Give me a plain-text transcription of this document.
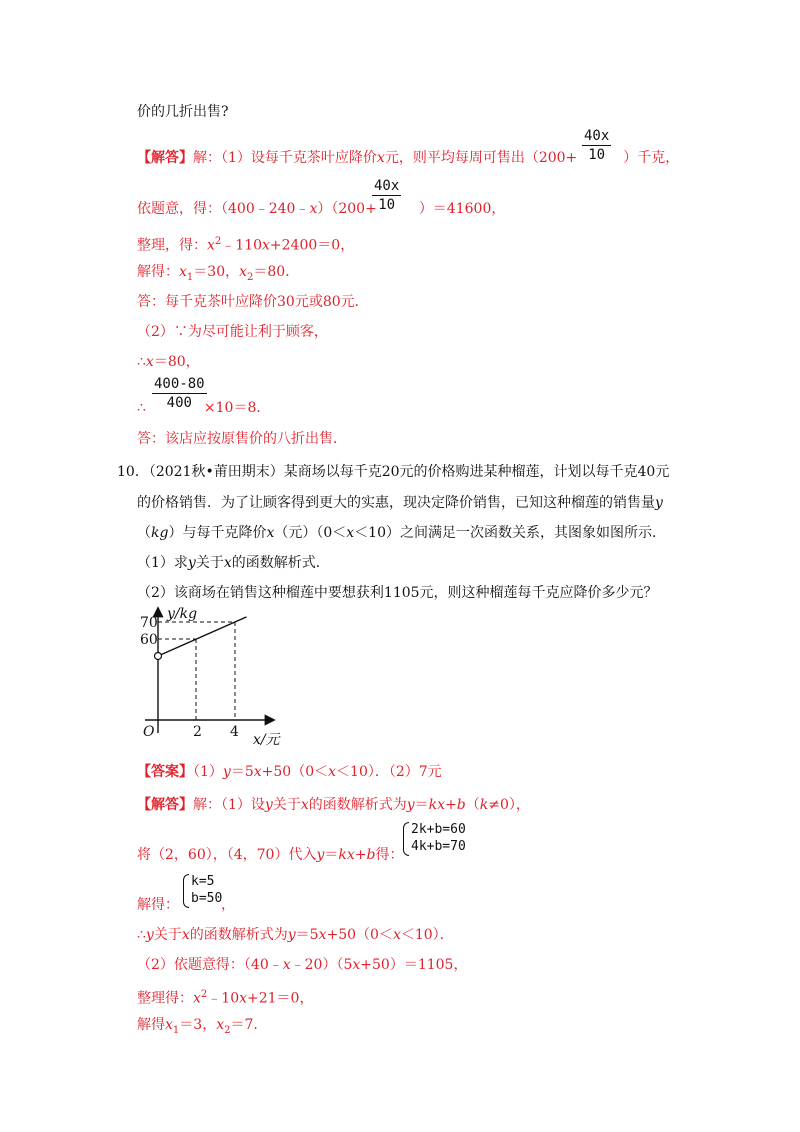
价的几折出售?
【解答】解：（1）设每千克茶叶应降价x元，则平均每周可售出（200+	）千克，
$\frac{40x}{10}$
依题意，得：（400﹣240﹣x）（200+	）＝41600，
$\frac{40x}{10}$
整理，得：$x^2﹣110x+2400=0$，
解得：$x_1=30$，$x_2=80$．
答：每千克茶叶应降价30元或80元．
（2）∵为尽可能让利于顾客，
∴x＝80，
∴	×10＝8．
$\frac{400-80}{400}$
答：该店应按原售价的八折出售．
10．（2021秋•莆田期末）某商场以每千克20元的价格购进某种榴莲，计划以每千克40元
的价格销售．为了让顾客得到更大的实惠，现决定降价销售，已知这种榴莲的销售量y
（kg）与每千克降价x（元）（0＜x＜10）之间满足一次函数关系，其图象如图所示．
（1）求y关于x的函数解析式．
（2）该商场在销售这种榴莲中要想获利1105元，则这种榴莲每千克应降价多少元？
y/kg
x/元
O
70
60
2 4
【答案】（1）y＝5x+50（0＜x＜10）．（2）7元
【解答】解：（1）设y关于x的函数解析式为y＝kx+b（k≠0），
将（2，60），（4，70）代入y＝kx+b得：
2k+b=60
4k+b=70
解得：	，
k=5
b=50
∴y关于x的函数解析式为y＝5x+50（0＜x＜10）．
（2）依题意得：（40﹣x﹣20）（5x+50）＝1105，
整理得：$x^2﹣10x+21=0$，
解得$x_1=3$，$x_2=7$．
